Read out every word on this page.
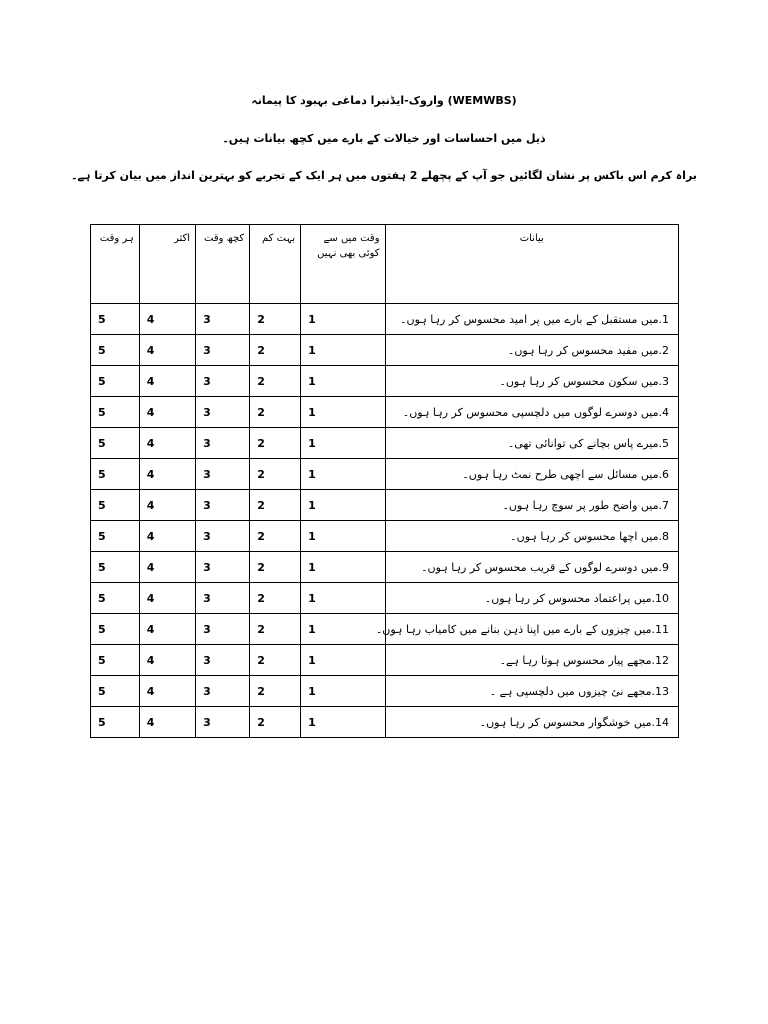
(WEMWBS) واروک-ایڈنبرا دماغی بہبود کا پیمانہ
ذیل میں احساسات اور خیالات کے بارے میں کچھ بیانات ہیں۔
براہ کرم اس باکس پر نشان لگائیں جو آپ کے پچھلے 2 ہفتوں میں ہر ایک کے تجربے کو بہترین انداز میں بیان کرتا ہے۔
بیانات	وقت میں سے کوئی بھی نہیں	بہت کم	کچھ وقت	اکثر	ہر وقت
1.میں مستقبل کے بارے میں پر امید محسوس کر رہا ہوں۔	1	2	3	4	5
2.میں مفید محسوس کر رہا ہوں۔	1	2	3	4	5
3.میں سکون محسوس کر رہا ہوں۔	1	2	3	4	5
4.میں دوسرے لوگوں میں دلچسپی محسوس کر رہا ہوں۔	1	2	3	4	5
5.میرے پاس بچانے کی توانائی تھی۔	1	2	3	4	5
6.میں مسائل سے اچھی طرح نمٹ رہا ہوں۔	1	2	3	4	5
7.میں واضح طور پر سوچ رہا ہوں۔	1	2	3	4	5
8.میں اچھا محسوس کر رہا ہوں۔	1	2	3	4	5
9.میں دوسرے لوگوں کے قریب محسوس کر رہا ہوں۔	1	2	3	4	5
10.میں پراعتماد محسوس کر رہا ہوں۔	1	2	3	4	5
11.میں چیزوں کے بارے میں اپنا ذہن بنانے میں کامیاب رہا ہوں۔	1	2	3	4	5
12.مجھے پیار محسوس ہوتا رہا ہے۔	1	2	3	4	5
13.مجھے نئ چیزوں میں دلچسپی ہے ۔	1	2	3	4	5
14.میں خوشگوار محسوس کر رہا ہوں۔	1	2	3	4	5
